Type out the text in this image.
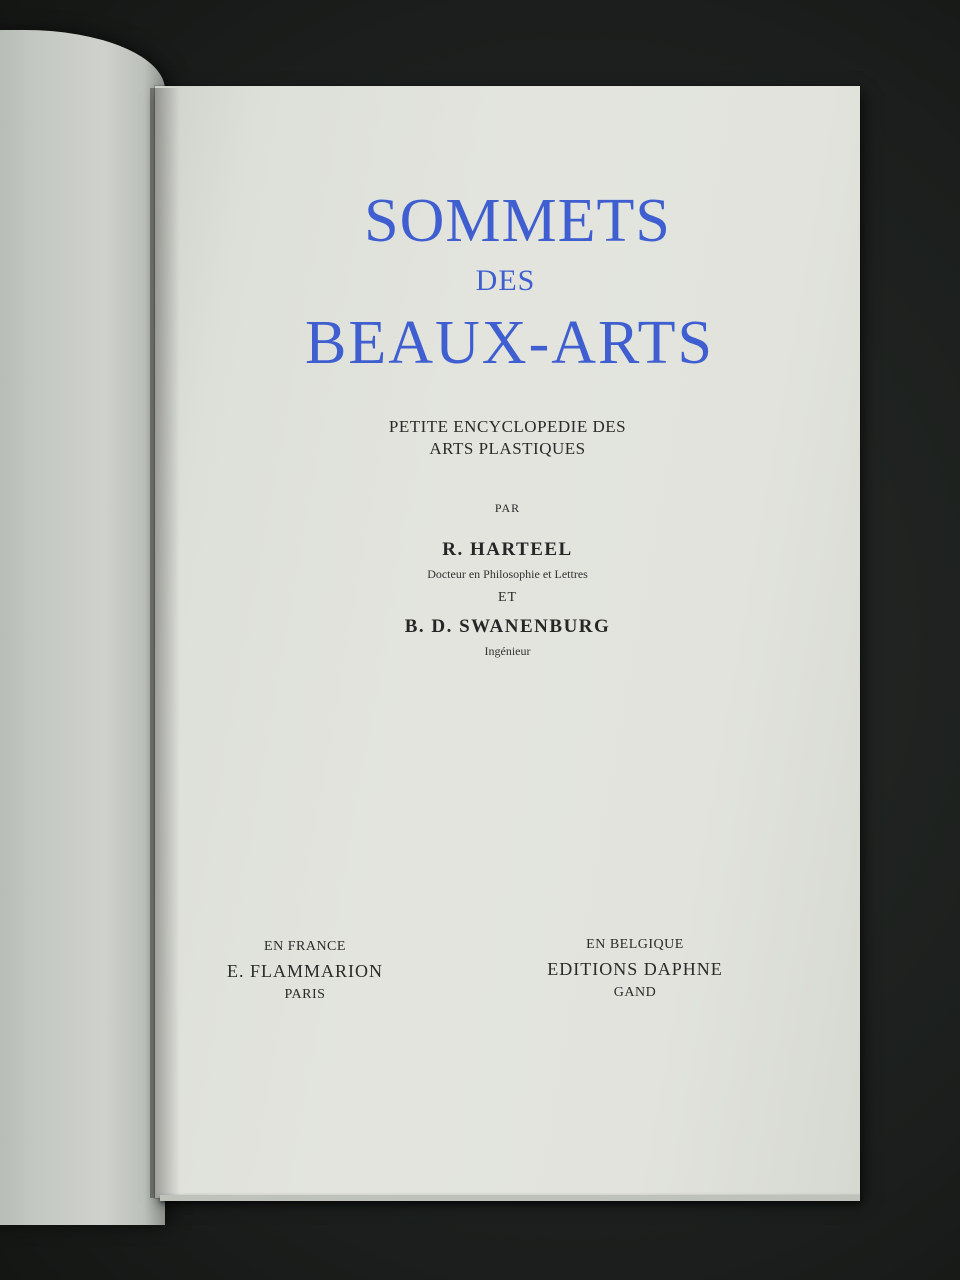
SOMMETS
DES
BEAUX-ARTS
PETITE ENCYCLOPEDIE DES
ARTS PLASTIQUES
PAR
R. HARTEEL
Docteur en Philosophie et Lettres
ET
B. D. SWANENBURG
Ingénieur
EN FRANCE
E. FLAMMARION
PARIS
EN BELGIQUE
EDITIONS DAPHNE
GAND
